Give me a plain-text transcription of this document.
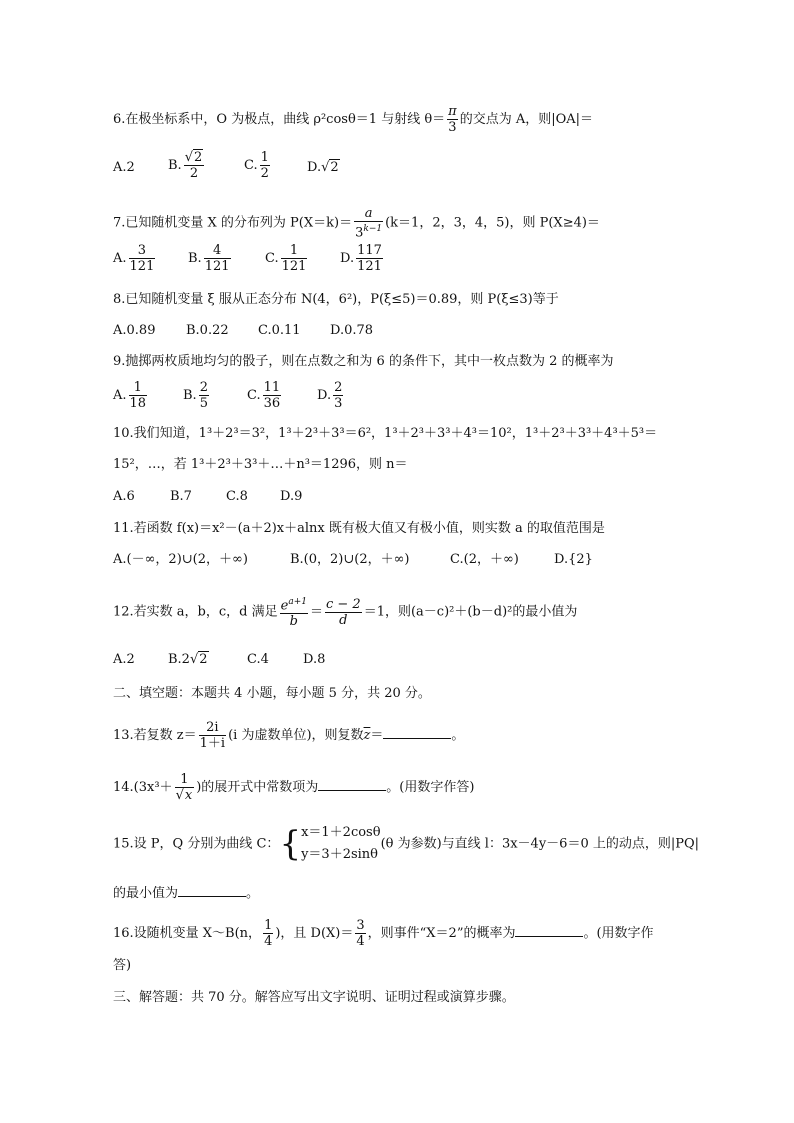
6.在极坐标系中，O 为极点，曲线 ρ²cosθ＝1 与射线 $\theta= \frac{\pi}{3}$ 的交点为 A，则|OA|＝
A.2	B. $\frac{√2}{2}$	C. $\frac{1}{2}$	D.√2
7.已知随机变量 X 的分布列为 $P(X=k)= \frac{a}{3^{k-1}} (k=1$，2，3，4，5)，则 P(X≥4)＝
A. $\frac{3}{121}$	B. $\frac{4}{121}$	C. $\frac{1}{121}$	D. $\frac{117}{121}$
8.已知随机变量 ξ 服从正态分布 N(4，6²)，P(ξ≤5)＝0.89，则 P(ξ≤3)等于
A.0.89 B.0.22 C.0.11 D.0.78
9.抛掷两枚质地均匀的骰子，则在点数之和为 6 的条件下，其中一枚点数为 2 的概率为
A. $\frac{1}{18}$	B. $\frac{2}{5}$	C. $\frac{11}{36}$	D. $\frac{2}{3}$
10.我们知道，1³＋2³＝3²，1³＋2³＋3³＝6²，1³＋2³＋3³＋4³＝10²，1³＋2³＋3³＋4³＋5³＝
15²，…，若 1³＋2³＋3³＋…＋n³＝1296，则 n＝
A.6	B.7	C.8 D.9
11.若函数 f(x)＝x²－(a＋2)x＋alnx 既有极大值又有极小值，则实数 a 的取值范围是
A.(－∞，2)∪(2，＋∞)	B.(0，2)∪(2，＋∞)	C.(2，＋∞)	D.{2}
12.若实数 a，b，c，d 满足 $\frac{e^{a+1}}{b} = \frac{c - 2}{d} =1$，则(a－c)²＋(b－d)²的最小值为
A.2	B.2√2	C.4	D.8
二、填空题：本题共 4 小题，每小题 5 分，共 20 分。
13.若复数 $z= \frac{2i}{1+i} (i$ 为虚数单位)，则复数$\overline{z}=$	。
$14.(3x^3+ \frac{1}{√x}$ )的展开式中常数项为	。(用数字作答)
15.设 P，Q 分别为曲线 C：{ x＝1＋2cosθ
y＝3＋2sinθ
(θ 为参数)与直线 l：3x－4y－6＝0 上的动点，则|PQ|
的最小值为	。
16.设随机变量 X～B(n， $\frac{1}{4}$ )，且 $D(X)= \frac{3}{4}$ ，则事件“X＝2”的概率为	。(用数字作
答)
三、解答题：共 70 分。解答应写出文字说明、证明过程或演算步骤。
